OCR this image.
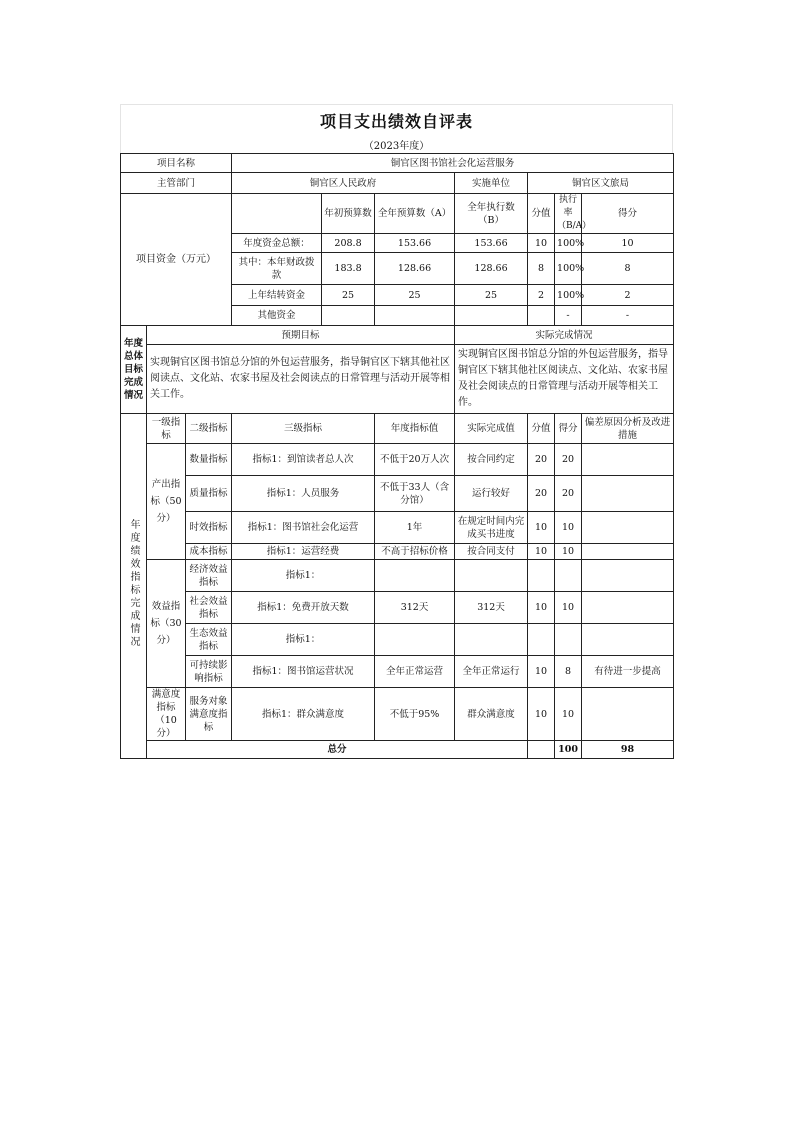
项目支出绩效自评表
（2023年度）
项目名称			铜官区图书馆社会化运营服务							
主管部门			铜官区人民政府			实施单位	铜官区文旅局			
项目资金（万元）				年初预算数	全年预算数（A）	全年执行数（B）	分值	执行率（B/A）	得分	
			年度资金总额：	208.8	153.66	153.66	10	100%	10	
			其中：本年财政拨款	183.8	128.66	128.66	8	100%	8	
			上年结转资金	25	25	25	2	100%	2	
			其他资金					-	-	
年度总体目标完成情况	预期目标					实际完成情况				
	实现铜官区图书馆总分馆的外包运营服务，指导铜官区下辖其他社区阅读点、文化站、农家书屋及社会阅读点的日常管理与活动开展等相关工作。					实现铜官区图书馆总分馆的外包运营服务，指导铜官区下辖其他社区阅读点、文化站、农家书屋及社会阅读点的日常管理与活动开展等相关工作。				
年度绩效指标完成情况	一级指标	二级指标	三级指标		年度指标值	实际完成值	分值	得分	偏差原因分析及改进措施	
	产出指标（50分）	数量指标	指标1：到馆读者总人次		不低于20万人次	按合同约定	20	20		
		质量指标	指标1：人员服务		不低于33人（含分馆）	运行较好	20	20		
		时效指标	指标1：图书馆社会化运营		1年	在规定时间内完成买书进度	10	10		
		成本指标	指标1：运营经费		不高于招标价格	按合同支付	10	10		
	效益指标（30分）	经济效益指标	指标1：							
		社会效益指标	指标1：免费开放天数		312天	312天	10	10		
		生态效益指标	指标1：							
		可持续影响指标	指标1：图书馆运营状况		全年正常运营	全年正常运行	10	8	有待进一步提高	
	满意度指标（10分）	服务对象满意度指标	指标1：群众满意度		不低于95%	群众满意度	10	10		
	总分							100	98	
